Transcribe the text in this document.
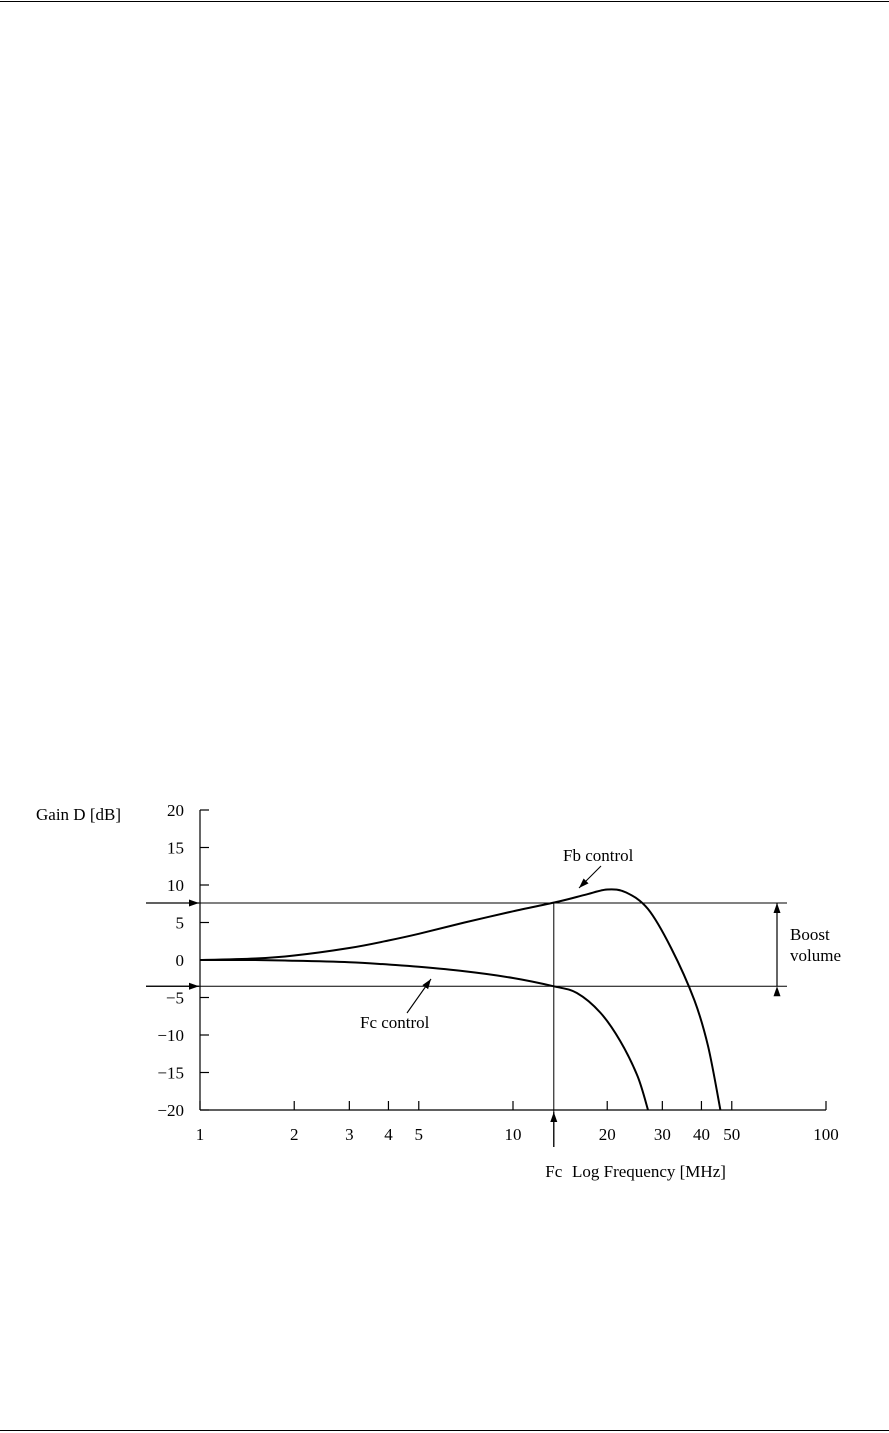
20
15
10
5
0
−5
−10
−15
−20
1	2	3 4 5	10	20 30 40 50	100
Gain D [dB]
Log Frequency [MHz]
Fb control
Fc control
Fc
Boost
volume
